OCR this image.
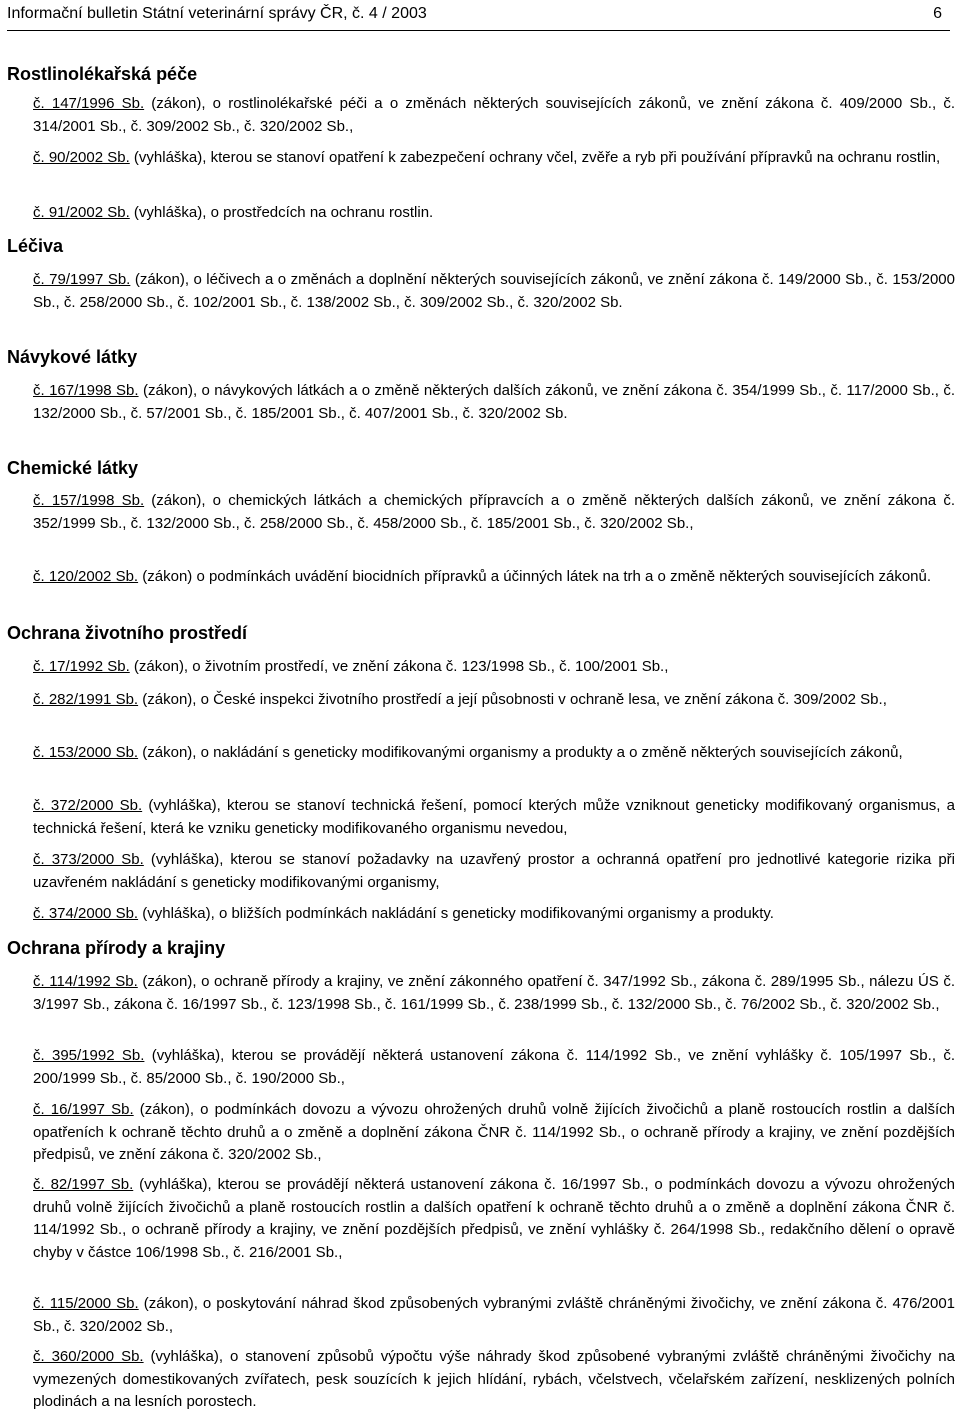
Informační bulletin Státní veterinární správy ČR, č. 4 / 2003	6
Rostlinolékařská péče
č. 147/1996 Sb. (zákon), o rostlinolékařské péči a o změnách některých souvisejících zákonů, ve znění zákona č. 409/2000 Sb., č. 314/2001 Sb., č. 309/2002 Sb., č. 320/2002 Sb.,
č. 90/2002 Sb. (vyhláška), kterou se stanoví opatření k zabezpečení ochrany včel, zvěře a ryb při používání přípravků na ochranu rostlin,
č. 91/2002 Sb. (vyhláška), o prostředcích na ochranu rostlin.
Léčiva
č. 79/1997 Sb. (zákon), o léčivech a o změnách a doplnění některých souvisejících zákonů, ve znění zákona č. 149/2000 Sb., č. 153/2000 Sb., č. 258/2000 Sb., č. 102/2001 Sb., č. 138/2002 Sb., č. 309/2002 Sb., č. 320/2002 Sb.
Návykové látky
č. 167/1998 Sb. (zákon), o návykových látkách a o změně některých dalších zákonů, ve znění zákona č. 354/1999 Sb., č. 117/2000 Sb., č. 132/2000 Sb., č. 57/2001 Sb., č. 185/2001 Sb., č. 407/2001 Sb., č. 320/2002 Sb.
Chemické látky
č. 157/1998 Sb. (zákon), o chemických látkách a chemických přípravcích a o změně některých dalších zákonů, ve znění zákona č. 352/1999 Sb., č. 132/2000 Sb., č. 258/2000 Sb., č. 458/2000 Sb., č. 185/2001 Sb., č. 320/2002 Sb.,
č. 120/2002 Sb. (zákon) o podmínkách uvádění biocidních přípravků a účinných látek na trh a o změně některých souvisejících zákonů.
Ochrana životního prostředí
č. 17/1992 Sb. (zákon), o životním prostředí, ve znění zákona č. 123/1998 Sb., č. 100/2001 Sb.,
č. 282/1991 Sb. (zákon), o České inspekci životního prostředí a její působnosti v ochraně lesa, ve znění zákona č. 309/2002 Sb.,
č. 153/2000 Sb. (zákon), o nakládání s geneticky modifikovanými organismy a produkty a o změně některých souvisejících zákonů,
č. 372/2000 Sb. (vyhláška), kterou se stanoví technická řešení, pomocí kterých může vzniknout geneticky modifikovaný organismus, a technická řešení, která ke vzniku geneticky modifikovaného organismu nevedou,
č. 373/2000 Sb. (vyhláška), kterou se stanoví požadavky na uzavřený prostor a ochranná opatření pro jednotlivé kategorie rizika při uzavřeném nakládání s geneticky modifikovanými organismy,
č. 374/2000 Sb. (vyhláška), o bližších podmínkách nakládání s geneticky modifikovanými organismy a produkty.
Ochrana přírody a krajiny
č. 114/1992 Sb. (zákon), o ochraně přírody a krajiny, ve znění zákonného opatření č. 347/1992 Sb., zákona č. 289/1995 Sb., nálezu ÚS č. 3/1997 Sb., zákona č. 16/1997 Sb., č. 123/1998 Sb., č. 161/1999 Sb., č. 238/1999 Sb., č. 132/2000 Sb., č. 76/2002 Sb., č. 320/2002 Sb.,
č. 395/1992 Sb. (vyhláška), kterou se provádějí některá ustanovení zákona č. 114/1992 Sb., ve znění vyhlášky č. 105/1997 Sb., č. 200/1999 Sb., č. 85/2000 Sb., č. 190/2000 Sb.,
č. 16/1997 Sb. (zákon), o podmínkách dovozu a vývozu ohrožených druhů volně žijících živočichů a planě rostoucích rostlin a dalších opatřeních k ochraně těchto druhů a o změně a doplnění zákona ČNR č. 114/1992 Sb., o ochraně přírody a krajiny, ve znění pozdějších předpisů, ve znění zákona č. 320/2002 Sb.,
č. 82/1997 Sb. (vyhláška), kterou se provádějí některá ustanovení zákona č. 16/1997 Sb., o podmínkách dovozu a vývozu ohrožených druhů volně žijících živočichů a planě rostoucích rostlin a dalších opatření k ochraně těchto druhů a o změně a doplnění zákona ČNR č. 114/1992 Sb., o ochraně přírody a krajiny, ve znění pozdějších předpisů, ve znění vyhlášky č. 264/1998 Sb., redakčního dělení o opravě chyby v částce 106/1998 Sb., č. 216/2001 Sb.,
č. 115/2000 Sb. (zákon), o poskytování náhrad škod způsobených vybranými zvláště chráněnými živočichy, ve znění zákona č. 476/2001 Sb., č. 320/2002 Sb.,
č. 360/2000 Sb. (vyhláška), o stanovení způsobů výpočtu výše náhrady škod způsobené vybranými zvláště chráněnými živočichy na vymezených domestikovaných zvířatech, pesk souzících k jejich hlídání, rybách, včelstvech, včelařském zařízení, nesklizených polních plodinách a na lesních porostech.
